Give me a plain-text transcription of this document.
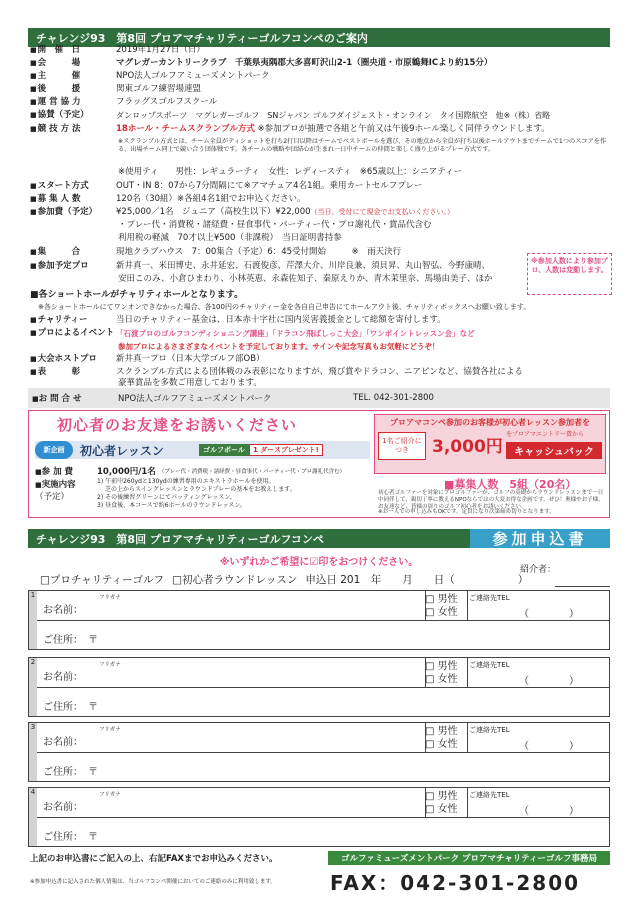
チャレンジ93　第8回 プロアマチャリティーゴルフコンペのご案内
■ 開　催　日	2019年1月27日（日）
■ 会　　　場	マグレガーカントリークラブ　千葉県夷隅郡大多喜町沢山2-1（圏央道・市原鶴舞ICより約15分）
■ 主　　　催	NPO法人ゴルフアミューズメントパーク
■ 後　　　援	関東ゴルフ練習場連盟
■ 運 営 協 力	フラッグスゴルフスクール
■ 協賛（予定）	ダンロップスポーツ　マグレガーゴルフ　SNジャパン ゴルフダイジェスト・オンライン　タイ国際航空　他※（株）省略
■ 競 技 方 法	18ホール・チームスクランブル方式 ※参加プロが抽選で各組と午前又は午後9ホール楽しく同伴ラウンドします。
※スクランブル方式とは、チーム全員がティショットを打ち2打目以降はチームでベストボールを選び、その地点から全員が打ち以後ホールアウトまでチームで1つのスコアを作る、出場チーム同士で競い合う団体戦です。各チームの戦略や団結心が生まれ一日中チームの仲間と楽しく盛り上がるプレー方式です。
※使用ティ　　男性：レギュラーティ　女性：レディースティ　※65歳以上：シニアティー
■ スタート方式	OUT・IN 8：07から7分間隔にて※アマチュア4名1組。乗用カートセルフプレー
■ 募 集 人 数	120名（30組）※各組4名1組でお申込ください。
■ 参加費（予定）	¥25,000／1名　ジュニア（高校生以下）¥22,000（当日、受付にて現金でお支払いください。）
・プレー代・消費税・諸経費・昼食事代・パーティー代・プロ謝礼代・賞品代含む
利用税の軽減　70才以上¥500（非課税）　当日証明書持参
■ 集　　　合	現地クラブハウス　7：00集合（予定）6：45受付開始　　　※　雨天決行
■ 参加予定プロ	新井真一、米田博史、永井延宏、石渡俊彦、芹澤大介、川岸良兼、須貝昇、丸山智弘、今野康晴、
安田このみ、小倉ひまわり、小林英恵、永森佐知子、秦原えりか、青木茉里奈、馬場由美子、ほか
※参加人数により参加プロ、人数は変動します。
■ 各ショートホールがチャリティホールとなります。
※各ショートホールにてワンオンできなかった場合、各100円のチャリティー金を各自自己申告にてホールアウト後、チャリティボックスへお願い致します。
■ チャリティー	当日のチャリティー基金は、日本赤十字社に国内災害義援金として総額を寄付します。
■ プロによるイベント 「石渡プロのゴルフコンディショニング講座」「ドラコン飛ばしっこ大会」「ワンポイントレッスン会」など
参加プロによるさまざまなイベントを予定しております。サインや記念写真もお気軽にどうぞ！
■ 大会ホストプロ	新井真一プロ（日本大学ゴルフ部OB）
■ 表　　　彰	スクランブル方式による団体戦のみ表彰になりますが、飛び賞やドラコン、ニアピンなど、協賛各社による
豪華賞品を多数ご用意しております。
■ お 問 合 せ	NPO法人ゴルフアミューズメントパーク	TEL. 042-301-2800
初心者のお友達をお誘いください
新企画	初心者レッスン	ゴルフボール	1 ダースプレゼント!
■ 参 加 費	10,000円/1名 （プレー代・消費税・諸経費・昼食事代・パーティー代・プロ謝礼代含む）
■ 実施内容
（予定）
1) 午前中260ydと130ydの練習専用のエキストラホールを使用。
芝の上からスイングレッスンとラウンドプレーの基本をお教えします。
2) その後練習グリーンにてパッティングレッスン。
3) 昼食後、本コースで約6ホールのラウンドレッスン。
プロアマコンペ参加のお客様が初心者レッスン参加者を
1名ご紹介につき	3,000円
をプロアマエントリー費から
キャッシュバック
■募集人数　5組（20名）
初心者ゴルファーを対象にプロゴルファーが、ゴルフの基礎からラウンドレッスンまで一日中同伴して、親切丁寧に教えるNPOならではの大変お得な企画です。ぜひ！奥様やお子様、お友達など、皆様の周りのゴルフ初心者をお誘いください。
※お一人での申し込みもOKです。定員になり次第締め切りとなります。
チャレンジ93　第8回 プロアマチャリティーゴルフコンペ	参加申込書
※いずれかご希望に☑印をおつけください。
紹介者：
□プロチャリティーゴルフ □初心者ラウンドレッスン 申込日 201　年　　月　　日（　　　　　　）
1	フリガナ
お名前：
□ 男性
□ 女性
ご連絡先TEL
（　　　　）
ご住所：　〒
2	フリガナ
お名前：
□ 男性
□ 女性
ご連絡先TEL
（　　　　）
ご住所：　〒
3	フリガナ
お名前：
□ 男性
□ 女性
ご連絡先TEL
（　　　　）
ご住所：　〒
4	フリガナ
お名前：
□ 男性
□ 女性
ご連絡先TEL
（　　　　）
ご住所：　〒
上記のお申込書にご記入の上、右記FAXまでお申込みください。
※参加申込書に記入された個人情報は、当ゴルフコンペ開催においてのご連絡のみに利用致します。
ゴルファミューズメントパーク プロアマチャリティーゴルフ事務局
FAX：042-301-2800
